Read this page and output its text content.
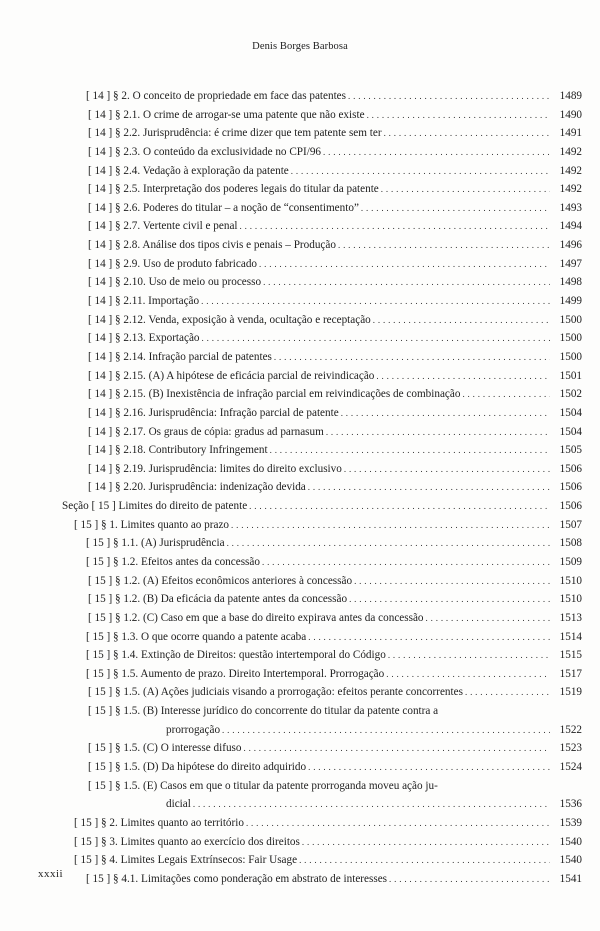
Denis Borges Barbosa
[ 14 ] § 2. O conceito de propriedade em face das patentes . . .	1489
[ 14 ] § 2.1. O crime de arrogar-se uma patente que não existe . . .	1490
[ 14 ] § 2.2. Jurisprudência: é crime dizer que tem patente sem ter . . .	1491
[ 14 ] § 2.3. O conteúdo da exclusividade no CPI/96 . . .	1492
[ 14 ] § 2.4. Vedação à exploração da patente . . .	1492
[ 14 ] § 2.5. Interpretação dos poderes legais do titular da patente . . .	1492
[ 14 ] § 2.6. Poderes do titular – a noção de “consentimento” . . .	1493
[ 14 ] § 2.7. Vertente civil e penal . . .	1494
[ 14 ] § 2.8. Análise dos tipos civis e penais – Produção . . .	1496
[ 14 ] § 2.9. Uso de produto fabricado . . .	1497
[ 14 ] § 2.10. Uso de meio ou processo . . .	1498
[ 14 ] § 2.11. Importação . . .	1499
[ 14 ] § 2.12. Venda, exposição à venda, ocultação e receptação . . .	1500
[ 14 ] § 2.13. Exportação . . .	1500
[ 14 ] § 2.14. Infração parcial de patentes . . .	1500
[ 14 ] § 2.15. (A) A hipótese de eficácia parcial de reivindicação . . .	1501
[ 14 ] § 2.15. (B) Inexistência de infração parcial em reivindicações de combinação . . .	1502
[ 14 ] § 2.16. Jurisprudência: Infração parcial de patente . . .	1504
[ 14 ] § 2.17. Os graus de cópia: gradus ad parnasum . . .	1504
[ 14 ] § 2.18. Contributory Infringement . . .	1505
[ 14 ] § 2.19. Jurisprudência: limites do direito exclusivo . . .	1506
[ 14 ] § 2.20. Jurisprudência: indenização devida . . .	1506
Seção [ 15 ] Limites do direito de patente . . .	1506
[ 15 ] § 1. Limites quanto ao prazo . . .	1507
[ 15 ] § 1.1. (A) Jurisprudência . . .	1508
[ 15 ] § 1.2. Efeitos antes da concessão . . .	1509
[ 15 ] § 1.2. (A) Efeitos econômicos anteriores à concessão . . .	1510
[ 15 ] § 1.2. (B) Da eficácia da patente antes da concessão . . .	1510
[ 15 ] § 1.2. (C) Caso em que a base do direito expirava antes da concessão . . .	1513
[ 15 ] § 1.3. O que ocorre quando a patente acaba . . .	1514
[ 15 ] § 1.4. Extinção de Direitos: questão intertemporal do Código . . .	1515
[ 15 ] § 1.5. Aumento de prazo. Direito Intertemporal. Prorrogação . . .	1517
[ 15 ] § 1.5. (A) Ações judiciais visando a prorrogação: efeitos perante concorrentes . . .	1519
[ 15 ] § 1.5. (B) Interesse jurídico do concorrente do titular da patente contra a
prorrogação . . .	1522
[ 15 ] § 1.5. (C) O interesse difuso . . .	1523
[ 15 ] § 1.5. (D) Da hipótese do direito adquirido . . .	1524
[ 15 ] § 1.5. (E) Casos em que o titular da patente prorroganda moveu ação ju-
dicial . . .	1536
[ 15 ] § 2. Limites quanto ao território . . .	1539
[ 15 ] § 3. Limites quanto ao exercício dos direitos . . .	1540
[ 15 ] § 4. Limites Legais Extrínsecos: Fair Usage . . .	1540
[ 15 ] § 4.1. Limitações como ponderação em abstrato de interesses . . .	1541
xxxii
